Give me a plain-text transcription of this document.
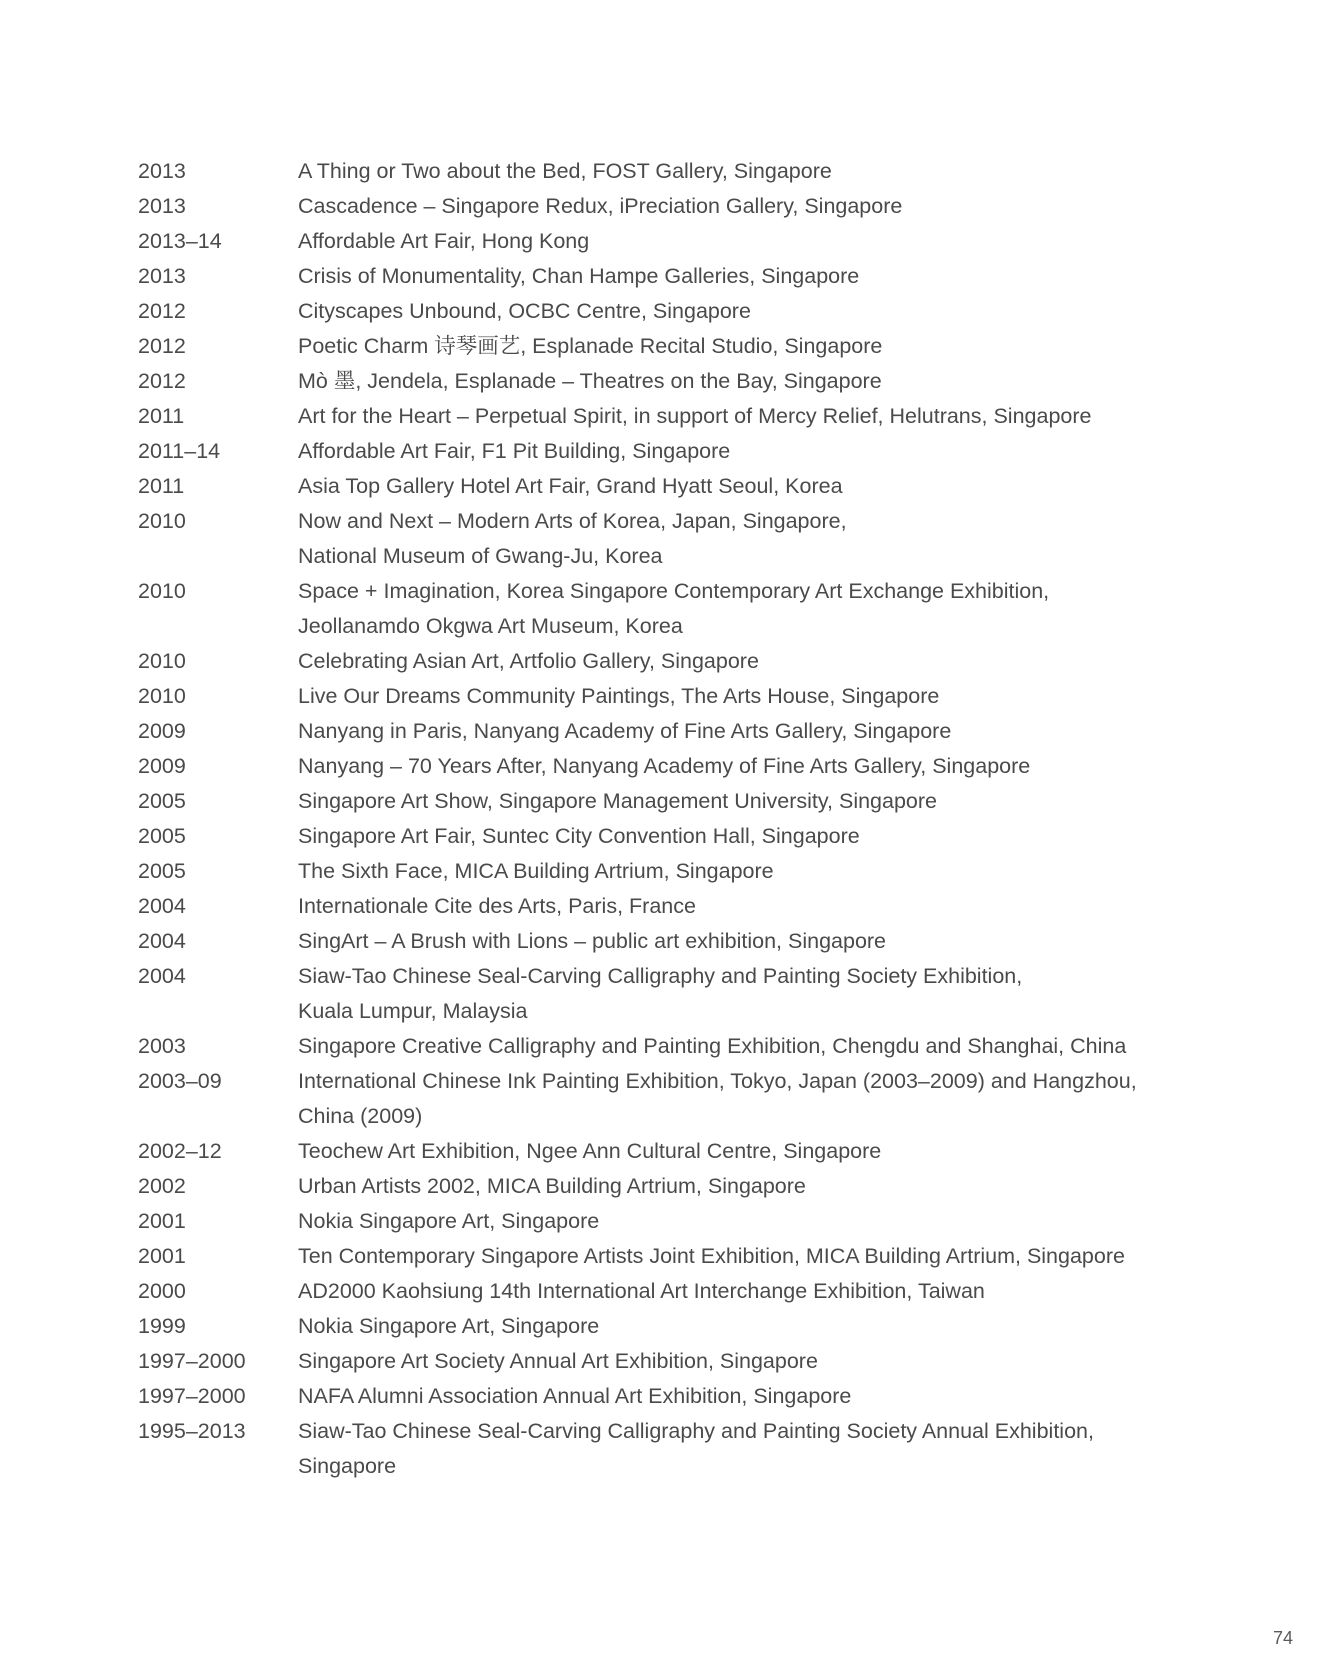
2013	A Thing or Two about the Bed, FOST Gallery, Singapore
2013	Cascadence – Singapore Redux, iPreciation Gallery, Singapore
2013–14	Affordable Art Fair, Hong Kong
2013	Crisis of Monumentality, Chan Hampe Galleries, Singapore
2012	Cityscapes Unbound, OCBC Centre, Singapore
2012	Poetic Charm 诗琴画艺, Esplanade Recital Studio, Singapore
2012	Mò 墨, Jendela, Esplanade – Theatres on the Bay, Singapore
2011	Art for the Heart – Perpetual Spirit, in support of Mercy Relief, Helutrans, Singapore
2011–14	Affordable Art Fair, F1 Pit Building, Singapore
2011	Asia Top Gallery Hotel Art Fair, Grand Hyatt Seoul, Korea
2010	Now and Next – Modern Arts of Korea, Japan, Singapore,
National Museum of Gwang-Ju, Korea
2010	Space + Imagination, Korea Singapore Contemporary Art Exchange Exhibition,
Jeollanamdo Okgwa Art Museum, Korea
2010	Celebrating Asian Art, Artfolio Gallery, Singapore
2010	Live Our Dreams Community Paintings, The Arts House, Singapore
2009	Nanyang in Paris, Nanyang Academy of Fine Arts Gallery, Singapore
2009	Nanyang – 70 Years After, Nanyang Academy of Fine Arts Gallery, Singapore
2005	Singapore Art Show, Singapore Management University, Singapore
2005	Singapore Art Fair, Suntec City Convention Hall, Singapore
2005	The Sixth Face, MICA Building Artrium, Singapore
2004	Internationale Cite des Arts, Paris, France
2004	SingArt – A Brush with Lions – public art exhibition, Singapore
2004	Siaw-Tao Chinese Seal-Carving Calligraphy and Painting Society Exhibition,
Kuala Lumpur, Malaysia
2003	Singapore Creative Calligraphy and Painting Exhibition, Chengdu and Shanghai, China
2003–09	International Chinese Ink Painting Exhibition, Tokyo, Japan (2003–2009) and Hangzhou,
China (2009)
2002–12	Teochew Art Exhibition, Ngee Ann Cultural Centre, Singapore
2002	Urban Artists 2002, MICA Building Artrium, Singapore
2001	Nokia Singapore Art, Singapore
2001	Ten Contemporary Singapore Artists Joint Exhibition, MICA Building Artrium, Singapore
2000	AD2000 Kaohsiung 14th International Art Interchange Exhibition, Taiwan
1999	Nokia Singapore Art, Singapore
1997–2000	Singapore Art Society Annual Art Exhibition, Singapore
1997–2000	NAFA Alumni Association Annual Art Exhibition, Singapore
1995–2013	Siaw-Tao Chinese Seal-Carving Calligraphy and Painting Society Annual Exhibition,
Singapore
74
